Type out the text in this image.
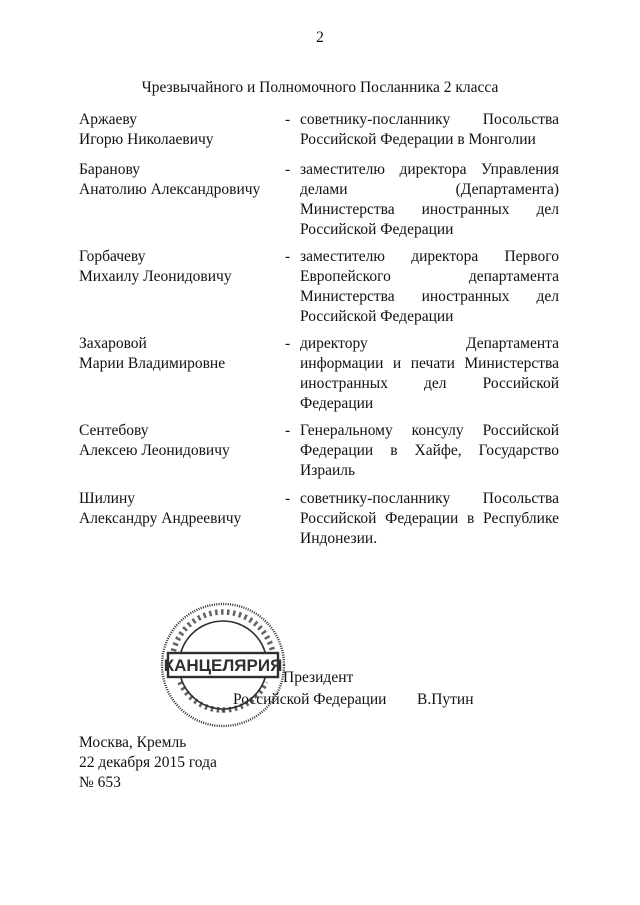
2
Чрезвычайного и Полномочного Посланника 2 класса
Аржаеву
Игорю Николаевичу
- советнику-посланнику Посольства
Российской Федерации в Монголии
Баранову
Анатолию Александровичу
- заместителю директора Управления
делами (Департамента)
Министерства иностранных дел
Российской Федерации
Горбачеву
Михаилу Леонидовичу
- заместителю директора Первого
Европейского департамента
Министерства иностранных дел
Российской Федерации
Захаровой
Марии Владимировне
- директору Департамента
информации и печати Министерства
иностранных дел Российской
Федерации
Сентебову
Алексею Леонидовичу
- Генеральному консулу Российской
Федерации в Хайфе, Государство
Израиль
Шилину
Александру Андреевичу
- советнику-посланнику Посольства
Российской Федерации в Республике
Индонезии.
Президент
Российской Федерации В.Путин
КАНЦЕЛЯРИЯ
*
Москва, Кремль
22 декабря 2015 года
№ 653
